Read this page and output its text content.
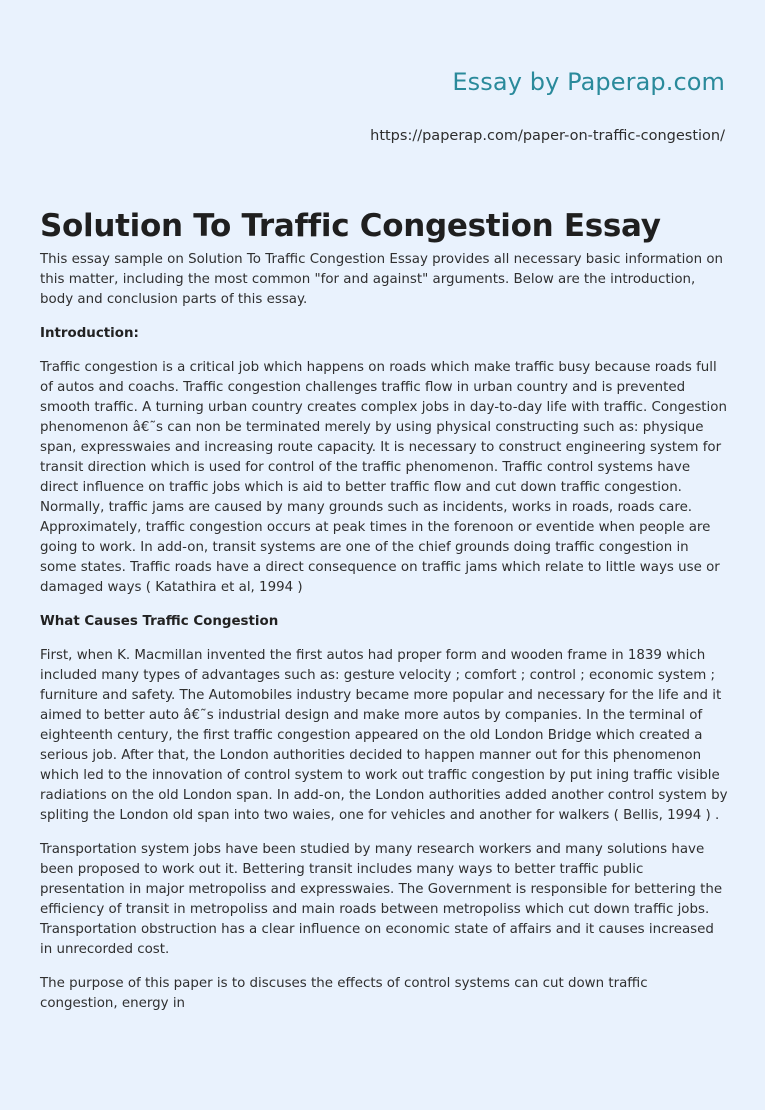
Essay by Paperap.com
https://paperap.com/paper-on-traffic-congestion/
Solution To Traffic Congestion Essay

This essay sample on Solution To Traffic Congestion Essay provides all necessary basic information on this matter, including the most common "for and against" arguments. Below are the introduction, body and conclusion parts of this essay.

Introduction:

Traffic congestion is a critical job which happens on roads which make traffic busy because roads full of autos and coachs. Traffic congestion challenges traffic flow in urban country and is prevented smooth traffic. A turning urban country creates complex jobs in day-to-day life with traffic. Congestion phenomenon â€˜s can non be terminated merely by using physical constructing such as: physique span, expresswaies and increasing route capacity. It is necessary to construct engineering system for transit direction which is used for control of the traffic phenomenon. Traffic control systems have direct influence on traffic jobs which is aid to better traffic flow and cut down traffic congestion. Normally, traffic jams are caused by many grounds such as incidents, works in roads, roads care. Approximately, traffic congestion occurs at peak times in the forenoon or eventide when people are going to work. In add-on, transit systems are one of the chief grounds doing traffic congestion in some states. Traffic roads have a direct consequence on traffic jams which relate to little ways use or damaged ways ( Katathira et al, 1994 )

What Causes Traffic Congestion

First, when K. Macmillan invented the first autos had proper form and wooden frame in 1839 which included many types of advantages such as: gesture velocity ; comfort ; control ; economic system ; furniture and safety. The Automobiles industry became more popular and necessary for the life and it aimed to better auto â€˜s industrial design and make more autos by companies. In the terminal of eighteenth century, the first traffic congestion appeared on the old London Bridge which created a serious job. After that, the London authorities decided to happen manner out for this phenomenon which led to the innovation of control system to work out traffic congestion by put ining traffic visible radiations on the old London span. In add-on, the London authorities added another control system by spliting the London old span into two waies, one for vehicles and another for walkers ( Bellis, 1994 ) .

Transportation system jobs have been studied by many research workers and many solutions have been proposed to work out it. Bettering transit includes many ways to better traffic public presentation in major metropoliss and expresswaies. The Government is responsible for bettering the efficiency of transit in metropoliss and main roads between metropoliss which cut down traffic jobs. Transportation obstruction has a clear influence on economic state of affairs and it causes increased in unrecorded cost.

The purpose of this paper is to discuses the effects of control systems can cut down traffic congestion, energy in
